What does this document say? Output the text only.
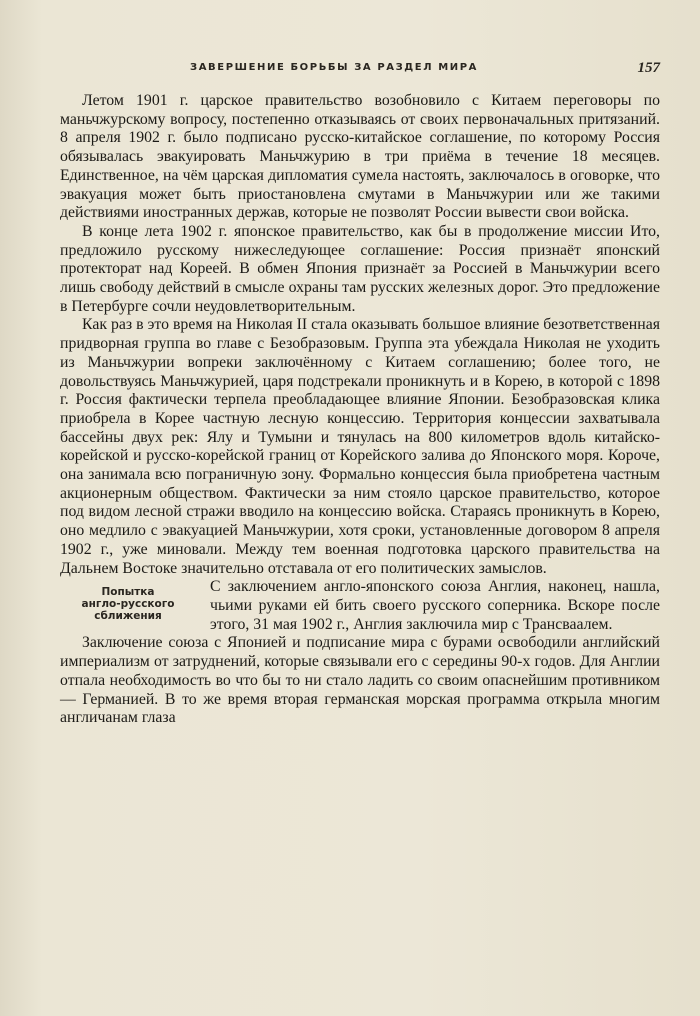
ЗАВЕРШЕНИЕ БОРЬБЫ ЗА РАЗДЕЛ МИРА	157

Летом 1901 г. царское правительство возобновило с Китаем переговоры по маньчжурскому вопросу, постепенно отказываясь от своих первоначальных притязаний. 8 апреля 1902 г. было подписано русско-китайское соглашение, по которому Россия обязывалась эвакуировать Маньчжурию в три приёма в течение 18 месяцев. Единственное, на чём царская дипломатия сумела настоять, заключалось в оговорке, что эвакуация может быть приостановлена смутами в Маньчжурии или же такими действиями иностранных держав, которые не позволят России вывести свои войска.

В конце лета 1902 г. японское правительство, как бы в продолжение миссии Ито, предложило русскому нижеследующее соглашение: Россия признаёт японский протекторат над Кореей. В обмен Япония признаёт за Россией в Маньчжурии всего лишь свободу действий в смысле охраны там русских железных дорог. Это предложение в Петербурге сочли неудовлетворительным.

Как раз в это время на Николая II стала оказывать большое влияние безответственная придворная группа во главе с Безобразовым. Группа эта убеждала Николая не уходить из Маньчжурии вопреки заключённому с Китаем соглашению; более того, не довольствуясь Маньчжурией, царя подстрекали проникнуть и в Корею, в которой с 1898 г. Россия фактически терпела преобладающее влияние Японии. Безобразовская клика приобрела в Корее частную лесную концессию. Территория концессии захватывала бассейны двух рек: Ялу и Тумыни и тянулась на 800 километров вдоль китайско-корейской и русско-корейской границ от Корейского залива до Японского моря. Короче, она занимала всю пограничную зону. Формально концессия была приобретена частным акционерным обществом. Фактически за ним стояло царское правительство, которое под видом лесной стражи вводило на концессию войска. Стараясь проникнуть в Корею, оно медлило с эвакуацией Маньчжурии, хотя сроки, установленные договором 8 апреля 1902 г., уже миновали. Между тем военная подготовка царского правительства на Дальнем Востоке значительно отставала от его политических замыслов.

Попытка
англо-русского
сближения

С заключением англо-японского союза Англия, наконец, нашла, чьими руками ей бить своего русского соперника. Вскоре после этого, 31 мая 1902 г., Англия заключила мир с Трансваалем.

Заключение союза с Японией и подписание мира с бурами освободили английский империализм от затруднений, которые связывали его с середины 90-х годов. Для Англии отпала необходимость во что бы то ни стало ладить со своим опаснейшим противником — Германией. В то же время вторая германская морская программа открыла многим англичанам глаза
